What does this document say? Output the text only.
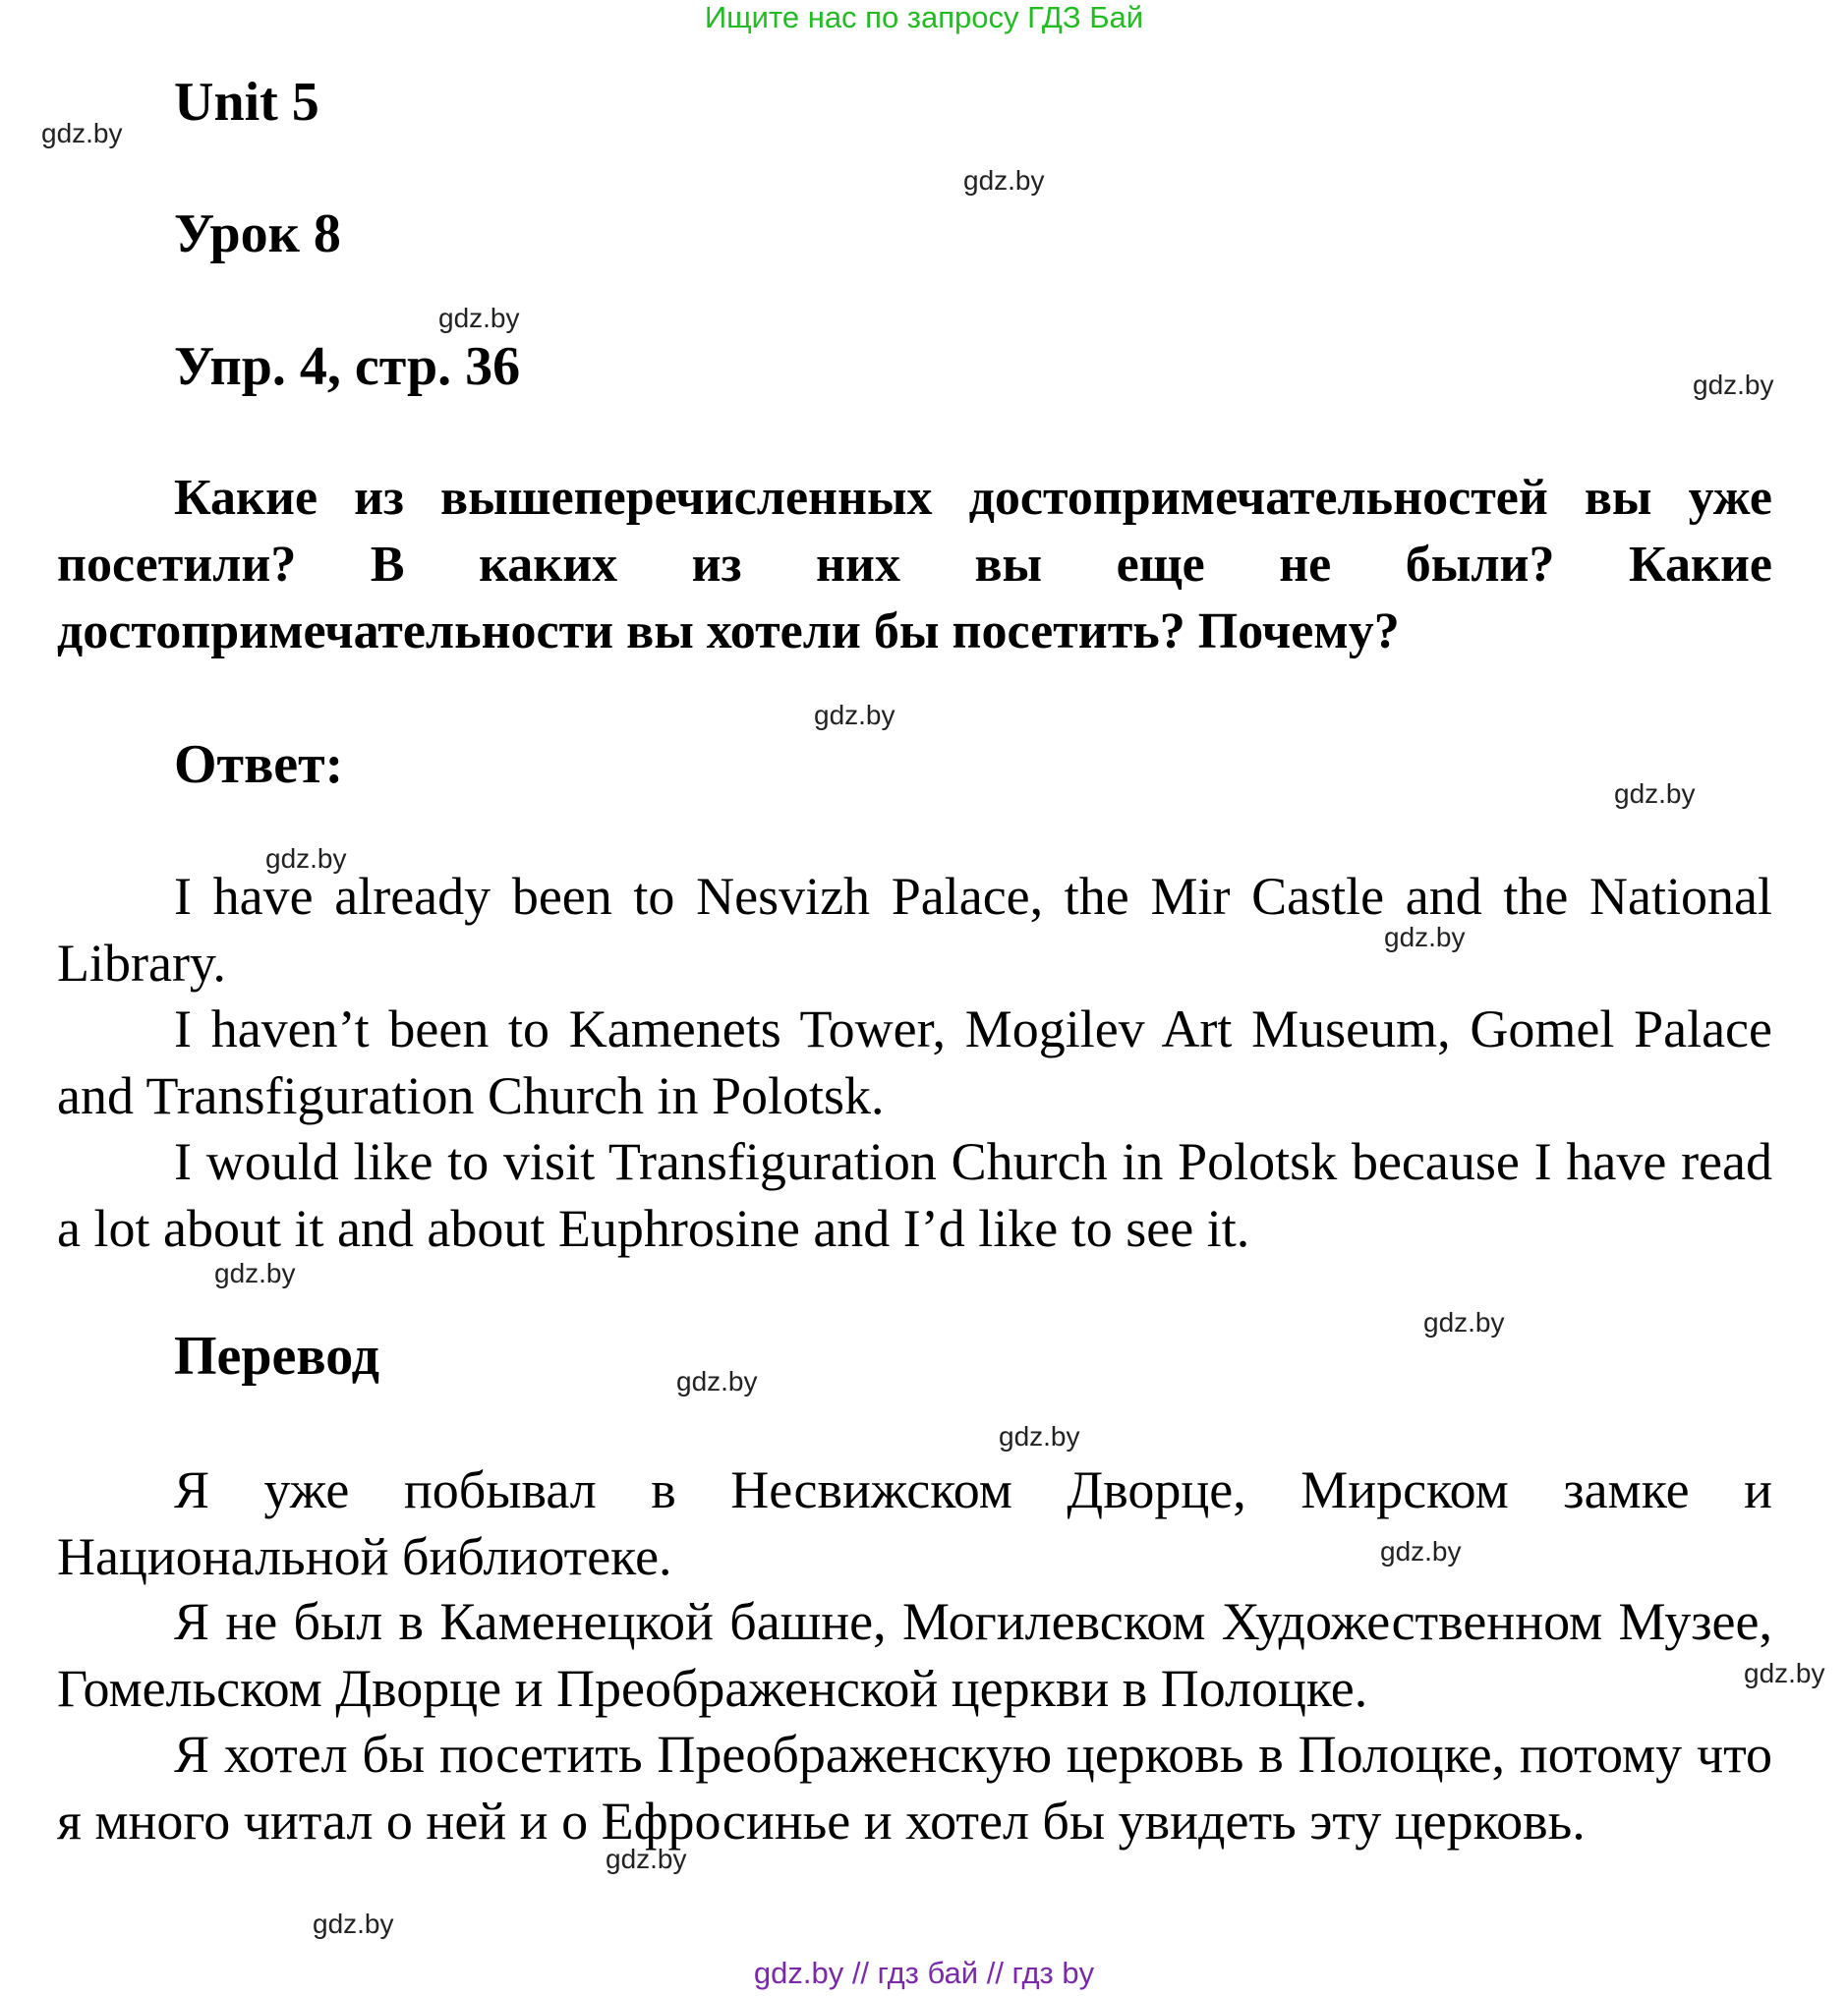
Ищите нас по запросу ГДЗ Бай
Unit 5
Урок 8
Упр. 4, стр. 36
Какие из вышеперечисленных достопримечательностей вы уже посетили? В каких из них вы еще не были? Какие достопримечательности вы хотели бы посетить? Почему?
Ответ:

I have already been to Nesvizh Palace, the Mir Castle and the National Library.

I haven’t been to Kamenets Tower, Mogilev Art Museum, Gomel Palace and Transfiguration Church in Polotsk.

I would like to visit Transfiguration Church in Polotsk because I have read a lot about it and about Euphrosine and I’d like to see it.

Перевод

Я уже побывал в Несвижском Дворце, Мирском замке и Национальной библиотеке.

Я не был в Каменецкой башне, Могилевском Художественном Музее, Гомельском Дворце и Преображенской церкви в Полоцке.

Я хотел бы посетить Преображенскую церковь в Полоцке, потому что я много читал о ней и о Ефросинье и хотел бы увидеть эту церковь.

gdz.by
gdz.by
gdz.by
gdz.by
gdz.by
gdz.by
gdz.by
gdz.by
gdz.by
gdz.by
gdz.by
gdz.by
gdz.by
gdz.by
gdz.by
gdz.by
gdz.by // гдз бай // гдз by
